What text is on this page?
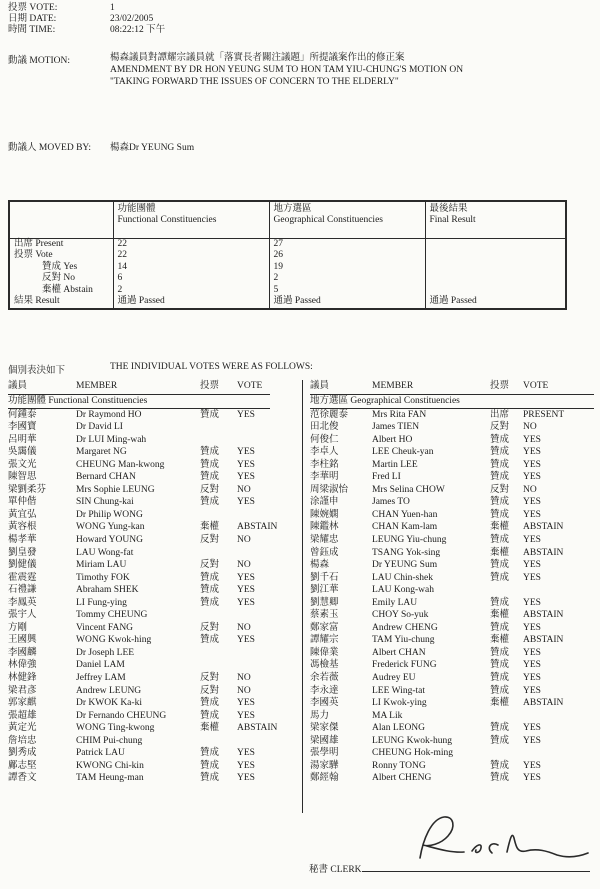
投票 VOTE:	1
日期 DATE:	23/02/2005
時間 TIME:	08:22:12 下午
動議 MOTION:	楊森議員對譚耀宗議員就「落實長者關注議題」所提議案作出的修正案
AMENDMENT BY DR HON YEUNG SUM TO HON TAM YIU-CHUNG'S MOTION ON
"TAKING FORWARD THE ISSUES OF CONCERN TO THE ELDERLY"
動議人 MOVED BY:	楊森Dr YEUNG Sum

功能團體
Functional Constituencies

地方選區
Geographical Constituencies

最後結果
Final Result

出席 Present	22	27	
投票 Vote	22	26	
贊成 Yes	14	19	
反對 No	6	2	
棄權 Abstain	2	5	
結果 Result	通過 Passed	通過 Passed	通過 Passed
個別表決如下	THE INDIVIDUAL VOTES WERE AS FOLLOWS:
議員	MEMBER	投票	VOTE
功能團體 Functional Constituencies
何鍾泰	Dr Raymond HO	贊成	YES
李國寶	Dr David LI
呂明華	Dr LUI Ming-wah
吳靄儀	Margaret NG	贊成	YES
張文光	CHEUNG Man-kwong	贊成	YES
陳智思	Bernard CHAN	贊成	YES
梁劉柔芬	Mrs Sophie LEUNG	反對	NO
單仲偕	SIN Chung-kai	贊成	YES
黃宜弘	Dr Philip WONG
黃容根	WONG Yung-kan	棄權	ABSTAIN
楊孝華	Howard YOUNG	反對	NO
劉皇發	LAU Wong-fat
劉健儀	Miriam LAU	反對	NO
霍震霆	Timothy FOK	贊成	YES
石禮謙	Abraham SHEK	贊成	YES
李鳳英	LI Fung-ying	贊成	YES
張宇人	Tommy CHEUNG
方剛	Vincent FANG	反對	NO
王國興	WONG Kwok-hing	贊成	YES
李國麟	Dr Joseph LEE
林偉強	Daniel LAM
林健鋒	Jeffrey LAM	反對	NO
梁君彥	Andrew LEUNG	反對	NO
郭家麒	Dr KWOK Ka-ki	贊成	YES
張超雄	Dr Fernando CHEUNG	贊成	YES
黃定光	WONG Ting-kwong	棄權	ABSTAIN
詹培忠	CHIM Pui-chung
劉秀成	Patrick LAU	贊成	YES
鄺志堅	KWONG Chi-kin	贊成	YES
譚香文	TAM Heung-man	贊成	YES
議員	MEMBER	投票	VOTE
地方選區 Geographical Constituencies
范徐麗泰	Mrs Rita FAN	出席	PRESENT
田北俊	James TIEN	反對	NO
何俊仁	Albert HO	贊成	YES
李卓人	LEE Cheuk-yan	贊成	YES
李柱銘	Martin LEE	贊成	YES
李華明	Fred LI	贊成	YES
周梁淑怡	Mrs Selina CHOW	反對	NO
涂謹申	James TO	贊成	YES
陳婉嫻	CHAN Yuen-han	贊成	YES
陳鑑林	CHAN Kam-lam	棄權	ABSTAIN
梁耀忠	LEUNG Yiu-chung	贊成	YES
曾鈺成	TSANG Yok-sing	棄權	ABSTAIN
楊森	Dr YEUNG Sum	贊成	YES
劉千石	LAU Chin-shek	贊成	YES
劉江華	LAU Kong-wah
劉慧卿	Emily LAU	贊成	YES
蔡素玉	CHOY So-yuk	棄權	ABSTAIN
鄭家富	Andrew CHENG	贊成	YES
譚耀宗	TAM Yiu-chung	棄權	ABSTAIN
陳偉業	Albert CHAN	贊成	YES
馮檢基	Frederick FUNG	贊成	YES
余若薇	Audrey EU	贊成	YES
李永達	LEE Wing-tat	贊成	YES
李國英	LI Kwok-ying	棄權	ABSTAIN
馬力	MA Lik
梁家傑	Alan LEONG	贊成	YES
梁國雄	LEUNG Kwok-hung	贊成	YES
張學明	CHEUNG Hok-ming
湯家驊	Ronny TONG	贊成	YES
鄭經翰	Albert CHENG	贊成	YES
秘書 CLERK
